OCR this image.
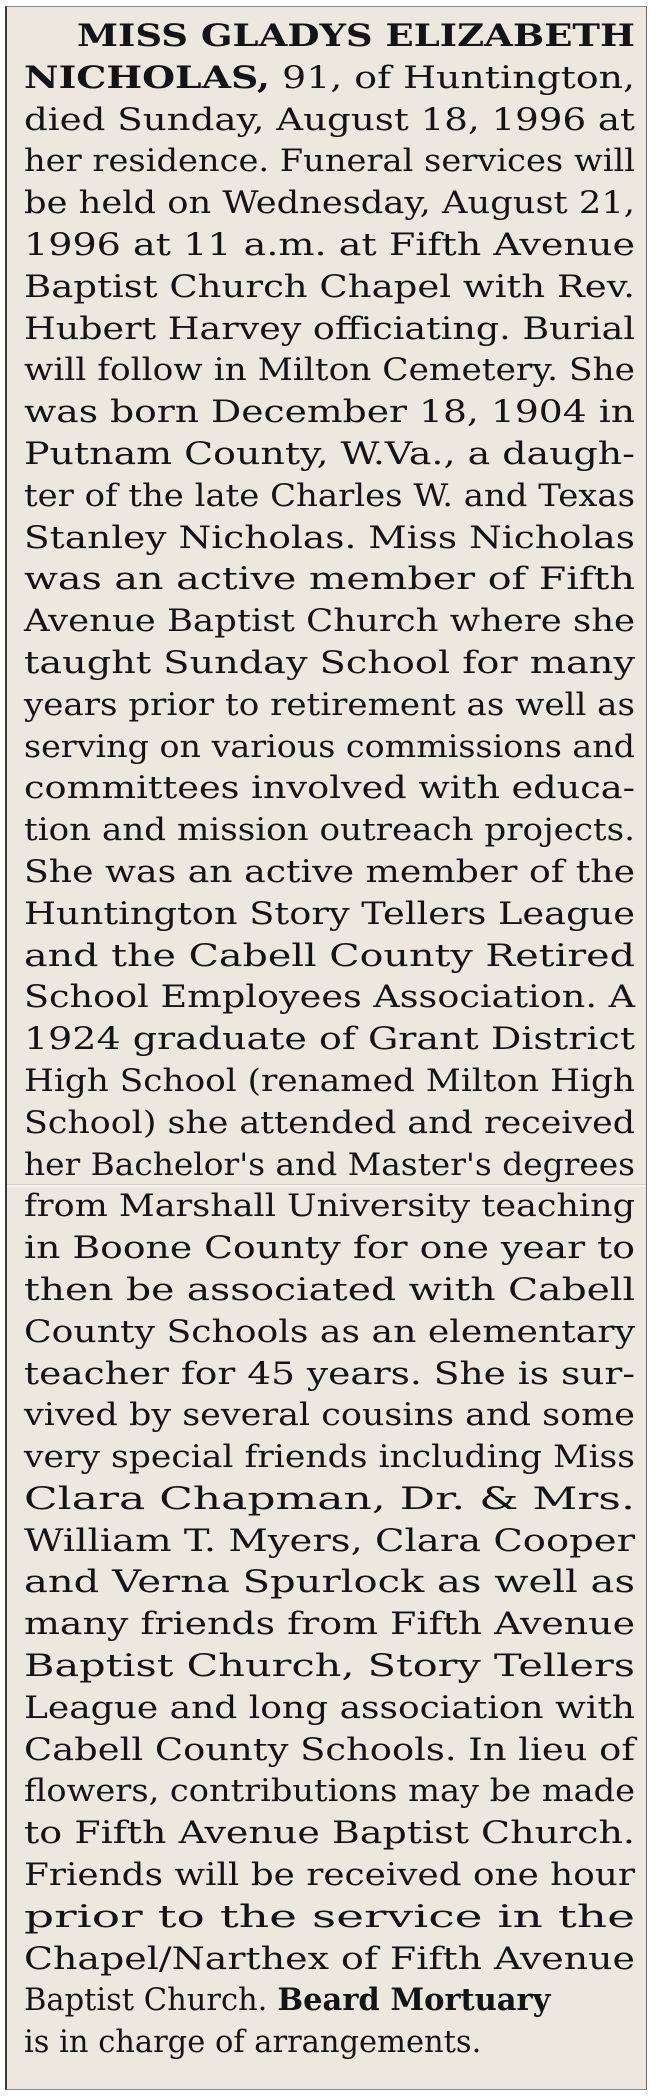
MISS GLADYS ELIZABETH
NICHOLAS, 91, of Huntington,
died Sunday, August 18, 1996 at
her residence. Funeral services will
be held on Wednesday, August 21,
1996 at 11 a.m. at Fifth Avenue
Baptist Church Chapel with Rev.
Hubert Harvey officiating. Burial
will follow in Milton Cemetery. She
was born December 18, 1904 in
Putnam County, W.Va., a daugh-
ter of the late Charles W. and Texas
Stanley Nicholas. Miss Nicholas
was an active member of Fifth
Avenue Baptist Church where she
taught Sunday School for many
years prior to retirement as well as
serving on various commissions and
committees involved with educa-
tion and mission outreach projects.
She was an active member of the
Huntington Story Tellers League
and the Cabell County Retired
School Employees Association. A
1924 graduate of Grant District
High School (renamed Milton High
School) she attended and received
her Bachelor's and Master's degrees
from Marshall University teaching
in Boone County for one year to
then be associated with Cabell
County Schools as an elementary
teacher for 45 years. She is sur-
vived by several cousins and some
very special friends including Miss
Clara Chapman, Dr. & Mrs.
William T. Myers, Clara Cooper
and Verna Spurlock as well as
many friends from Fifth Avenue
Baptist Church, Story Tellers
League and long association with
Cabell County Schools. In lieu of
flowers, contributions may be made
to Fifth Avenue Baptist Church.
Friends will be received one hour
prior to the service in the
Chapel/Narthex of Fifth Avenue
Baptist Church. Beard Mortuary
is in charge of arrangements.
